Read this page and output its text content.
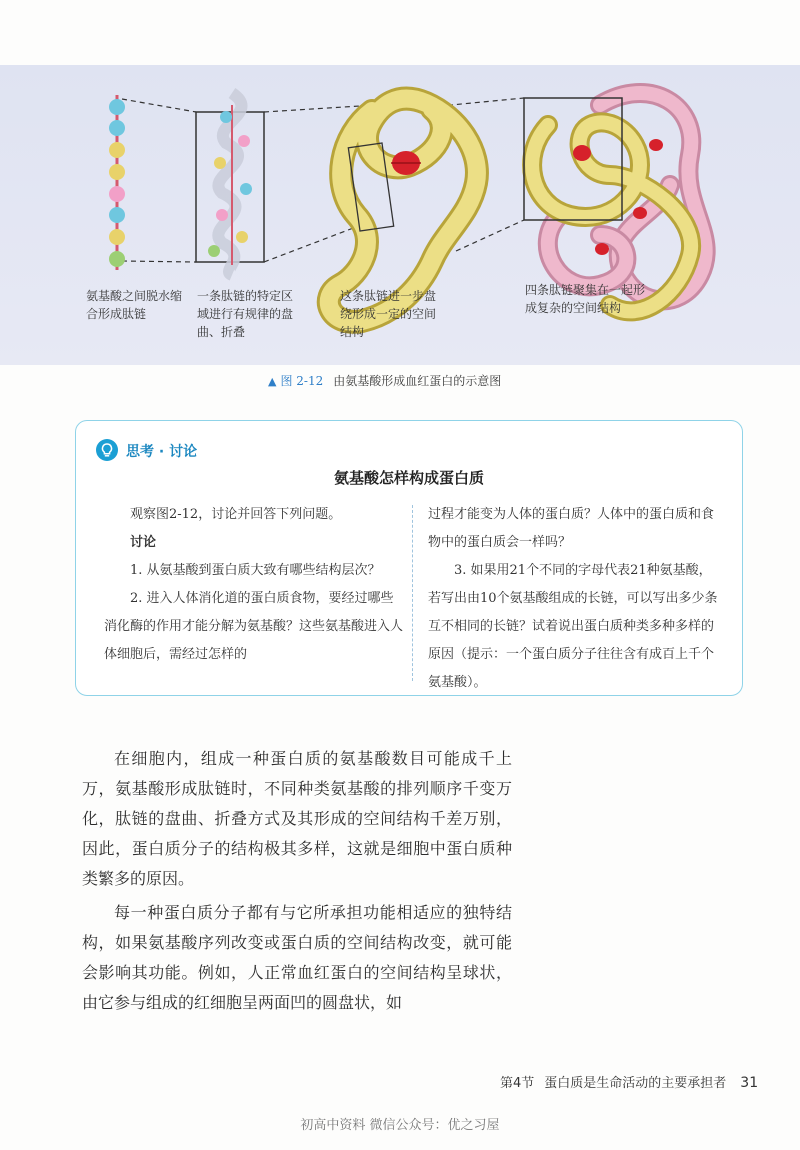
氨基酸之间脱水缩
合形成肽链
一条肽链的特定区
域进行有规律的盘
曲、折叠
这条肽链进一步盘
绕形成一定的空间
结构
四条肽链聚集在一起形
成复杂的空间结构
▲ 图 2-12 由氨基酸形成血红蛋白的示意图
思考 · 讨论
氨基酸怎样构成蛋白质

观察图2-12，讨论并回答下列问题。

讨论

1. 从氨基酸到蛋白质大致有哪些结构层次？

2. 进入人体消化道的蛋白质食物，要经过哪些消化酶的作用才能分解为氨基酸？这些氨基酸进入人体细胞后，需经过怎样的

过程才能变为人体的蛋白质？人体中的蛋白质和食物中的蛋白质会一样吗？

3. 如果用21个不同的字母代表21种氨基酸，若写出由10个氨基酸组成的长链，可以写出多少条互不相同的长链？试着说出蛋白质种类多种多样的原因（提示：一个蛋白质分子往往含有成百上千个氨基酸）。

在细胞内，组成一种蛋白质的氨基酸数目可能成千上万，氨基酸形成肽链时，不同种类氨基酸的排列顺序千变万化，肽链的盘曲、折叠方式及其形成的空间结构千差万别，因此，蛋白质分子的结构极其多样，这就是细胞中蛋白质种类繁多的原因。

每一种蛋白质分子都有与它所承担功能相适应的独特结构，如果氨基酸序列改变或蛋白质的空间结构改变，就可能会影响其功能。例如，人正常血红蛋白的空间结构呈球状，由它参与组成的红细胞呈两面凹的圆盘状，如

第4节 蛋白质是生命活动的主要承担者 31
初高中资料 微信公众号：优之习屋
